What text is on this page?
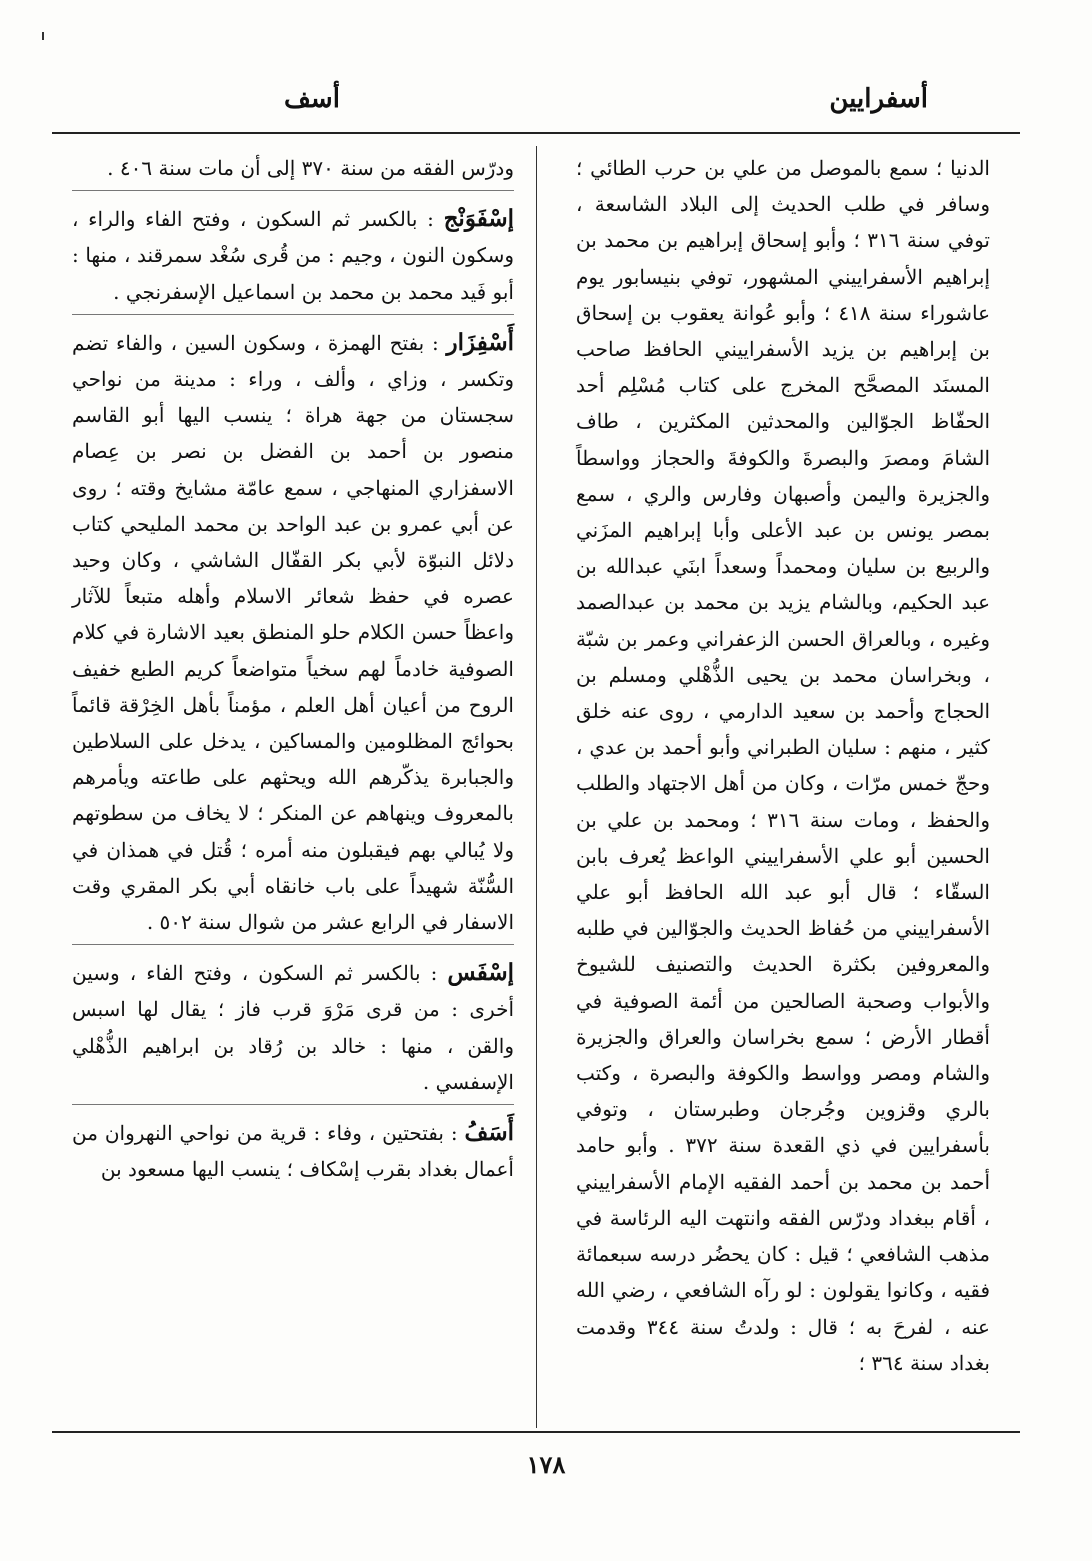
أسفرايين
أسف

الدنيا ؛ سمع بالموصل من علي بن حرب الطائي ؛ وسافر في طلب الحديث إلى البلاد الشاسعة ، توفي سنة ٣١٦ ؛ وأبو إسحاق إبراهيم بن محمد بن إبراهيم الأسفراييني المشهور، توفي بنيسابور يوم عاشوراء سنة ٤١٨ ؛ وأبو عُوانة يعقوب بن إسحاق بن إبراهيم بن يزيد الأسفراييني الحافظ صاحب المسنَد المصحَّح المخرج على كتاب مُسْلِم أحد الحفّاظ الجوّالين والمحدثين المكثرين ، طاف الشامَ ومصرَ والبصرةَ والكوفةَ والحجاز وواسطاً والجزيرة واليمن وأصبهان وفارس والري ، سمع بمصر يونس بن عبد الأعلى وأبا إبراهيم المزَني والربيع بن سليان ومحمداً وسعداً ابنَي عبدالله بن عبد الحكيم، وبالشام يزيد بن محمد بن عبدالصمد وغيره ، وبالعراق الحسن الزعفراني وعمر بن شبّة ، وبخراسان محمد بن يحيى الذُّهْلي ومسلم بن الحجاج وأحمد بن سعيد الدارمي ، روى عنه خلق كثير ، منهم : سليان الطبراني وأبو أحمد بن عدي ، وحجّ خمس مرّات ، وكان من أهل الاجتهاد والطلب والحفظ ، ومات سنة ٣١٦ ؛ ومحمد بن علي بن الحسين أبو علي الأسفراييني الواعظ يُعرف بابن السقّاء ؛ قال أبو عبد الله الحافظ أبو علي الأسفراييني من حُفاظ الحديث والجوّالين في طلبه والمعروفين بكثرة الحديث والتصنيف للشيوخ والأبواب وصحبة الصالحين من أئمة الصوفية في أقطار الأرض ؛ سمع بخراسان والعراق والجزيرة والشام ومصر وواسط والكوفة والبصرة ، وكتب بالري وقزوين وجُرجان وطبرستان ، وتوفي بأسفرايين في ذي القعدة سنة ٣٧٢ . وأبو حامد أحمد بن محمد بن أحمد الفقيه الإمام الأسفراييني ، أقام ببغداد ودرّس الفقه وانتهت اليه الرئاسة في مذهب الشافعي ؛ قيل : كان يحضُر درسه سبعمائة فقيه ، وكانوا يقولون : لو رآه الشافعي ، رضي الله عنه ، لفرحَ به ؛ قال : ولدتُ سنة ٣٤٤ وقدمت بغداد سنة ٣٦٤ ؛

ودرّس الفقه من سنة ٣٧٠ إلى أن مات سنة ٤٠٦ .

إسْفَوَنْج : بالكسر ثم السكون ، وفتح الفاء والراء ، وسكون النون ، وجيم : من قُرى سُغْد سمرقند ، منها : أبو فَيد محمد بن محمد بن اسماعيل الإسفرنجي .

أَسْفِزَار : بفتح الهمزة ، وسكون السين ، والفاء تضم وتكسر ، وزاي ، وألف ، وراء : مدينة من نواحي سجستان من جهة هراة ؛ ينسب اليها أبو القاسم منصور بن أحمد بن الفضل بن نصر بن عِصام الاسفزاري المنهاجي ، سمع عامّة مشايخ وقته ؛ روى عن أبي عمرو بن عبد الواحد بن محمد المليحي كتاب دلائل النبوّة لأبي بكر القفّال الشاشي ، وكان وحيد عصره في حفظ شعائر الاسلام وأهله متبعاً للآثار واعظاً حسن الكلام حلو المنطق بعيد الاشارة في كلام الصوفية خادماً لهم سخياً متواضعاً كريم الطبع خفيف الروح من أعيان أهل العلم ، مؤمناً بأهل الخِرْقة قائماً بحوائج المظلومين والمساكين ، يدخل على السلاطين والجبابرة يذكّرهم الله ويحثهم على طاعته ويأمرهم بالمعروف وينهاهم عن المنكر ؛ لا يخاف من سطوتهم ولا يُبالي بهم فيقبلون منه أمره ؛ قُتل في همذان في السُّنّة شهيداً على باب خانقاه أبي بكر المقري وقت الاسفار في الرابع عشر من شوال سنة ٥٠٢ .

إسْفَس : بالكسر ثم السكون ، وفتح الفاء ، وسين أخرى : من قرى مَرْوَ قرب فاز ؛ يقال لها اسبس والقن ، منها : خالد بن رُقاد بن ابراهيم الذُّهْلي الإسفسي .

أَسَفُ : بفتحتين ، وفاء : قرية من نواحي النهروان من أعمال بغداد بقرب إسْكاف ؛ ينسب اليها مسعود بن

١٧٨
